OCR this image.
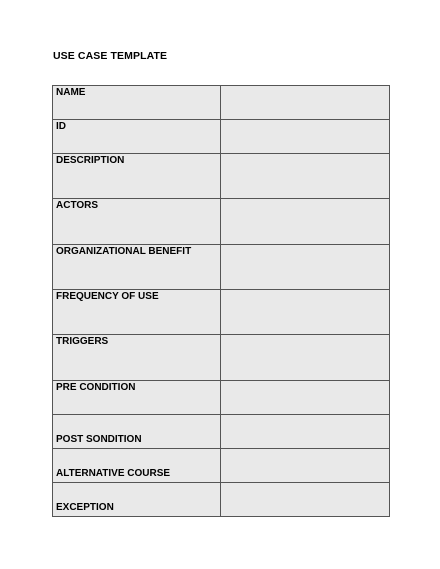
USE CASE TEMPLATE
NAME	

ID	

DESCRIPTION	

ACTORS	

ORGANIZATIONAL BENEFIT	

FREQUENCY OF USE	

TRIGGERS	

PRE CONDITION	

POST SONDITION	

ALTERNATIVE COURSE	

EXCEPTION	
